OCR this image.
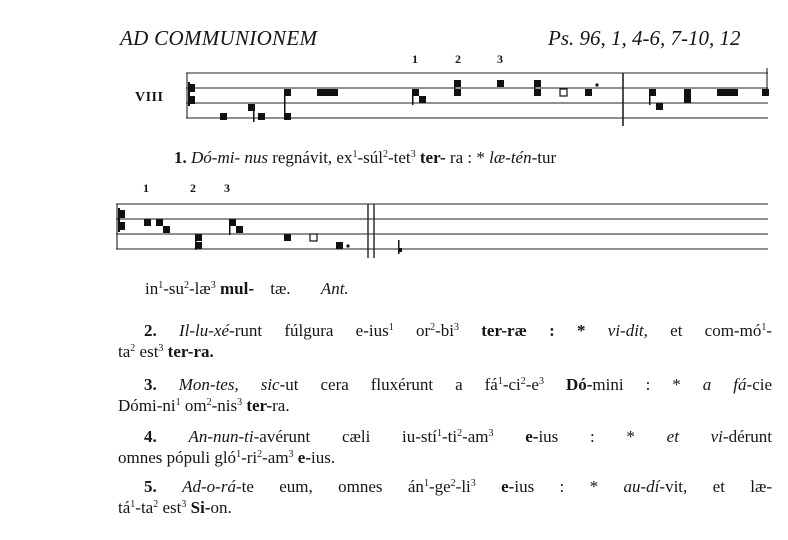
AD COMMUNIONEM	Ps. 96, 1, 4-6, 7-10, 12
VIII
1	2	3
1. Dó-mi- nus regnávit, $ex^1-súl^2-tet^3$ ter- ra : * læ-tén-tur
1	2 3
$in^1-su^2-læ^3$ mul- tæ. Ant.
2. Il-lu-xé-runt fúlgura e-ius$^1$ $or^2-bi^3$ ter-ræ : * vi-dit, et com-$mó^1-$
$ta^2$ est$^3$ ter-ra.
3. Mon-tes, sic-ut cera fluxérunt a $fá^1-ci^2-e^3$ Dó-mini : * a fá-cie
Dómi-$ni^1$ $om^2-nis^3$ ter-ra.
4. An-nun-ti-avérunt cæli $iu-stí^1-ti^2-am^3$ e-ius : * et vi-dérunt
omnes pópuli $gló^1-ri^2-am^3$ e-ius.
5. Ad-o-rá-te eum, omnes $án^1-ge^2-li^3$ e-ius : * au-dí-vit, et læ-
$tá^1-ta^2$ est$^3$ Si-on.
